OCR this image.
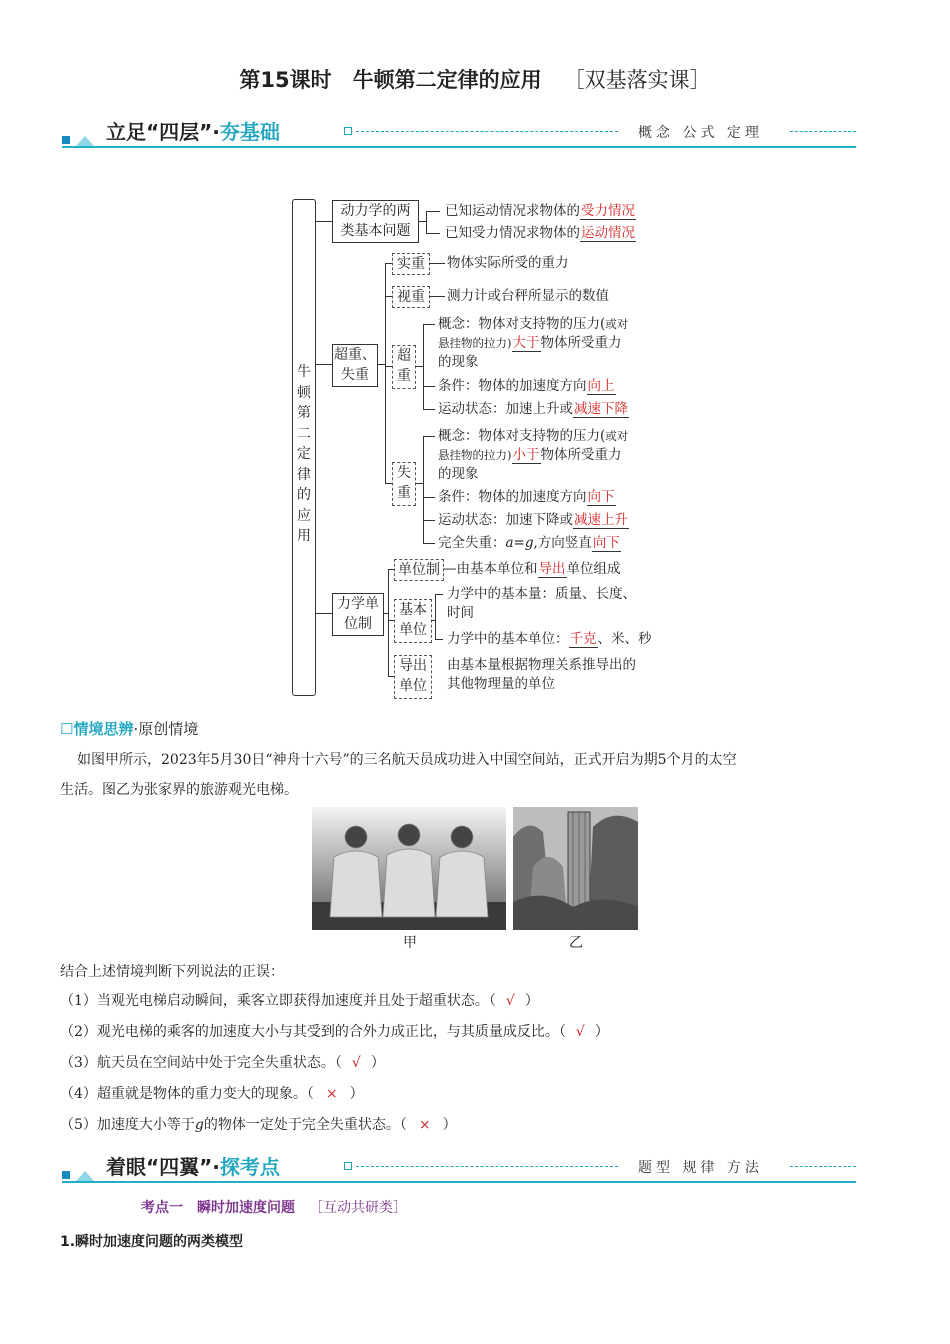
第15课时　牛顿第二定律的应用 ［双基落实课］
立足“四层”·夯基础	概念 公式 定理
牛
顿
第
二
定
律
的
应
用
动力学的两
类基本问题
已知运动情况求物体的受力情况
已知受力情况求物体的运动情况
超重、
失重
实重	物体实际所受的重力
视重	测力计或台秤所显示的数值
超
重
概念：物体对支持物的压力(或对
悬挂物的拉力)大于物体所受重力
的现象
条件：物体的加速度方向向上
运动状态：加速上升或减速下降
失
重
概念：物体对支持物的压力(或对
悬挂物的拉力)小于物体所受重力
的现象
条件：物体的加速度方向向下
运动状态：加速下降或减速上升
完全失重：a=g,方向竖直向下
力学单
位制
单位制 —由基本单位和导出单位组成
基本
单位
力学中的基本量：质量、长度、
时间
力学中的基本单位：千克、米、秒
导出
单位
由基本量根据物理关系推导出的
其他物理量的单位
☐情境思辨·原创情境
如图甲所示，2023年5月30日“神舟十六号”的三名航天员成功进入中国空间站，正式开启为期5个月的太空
生活。图乙为张家界的旅游观光电梯。
甲	乙
结合上述情境判断下列说法的正误：
（1）当观光电梯启动瞬间，乘客立即获得加速度并且处于超重状态。（ √ ）
（2）观光电梯的乘客的加速度大小与其受到的合外力成正比，与其质量成反比。（ √ ）
（3）航天员在空间站中处于完全失重状态。（ √ ）
（4）超重就是物体的重力变大的现象。（ × ）
（5）加速度大小等于g的物体一定处于完全失重状态。（ × ）
着眼“四翼”·探考点	题型 规律 方法
考点一　瞬时加速度问题 ［互动共研类］
1.瞬时加速度问题的两类模型
